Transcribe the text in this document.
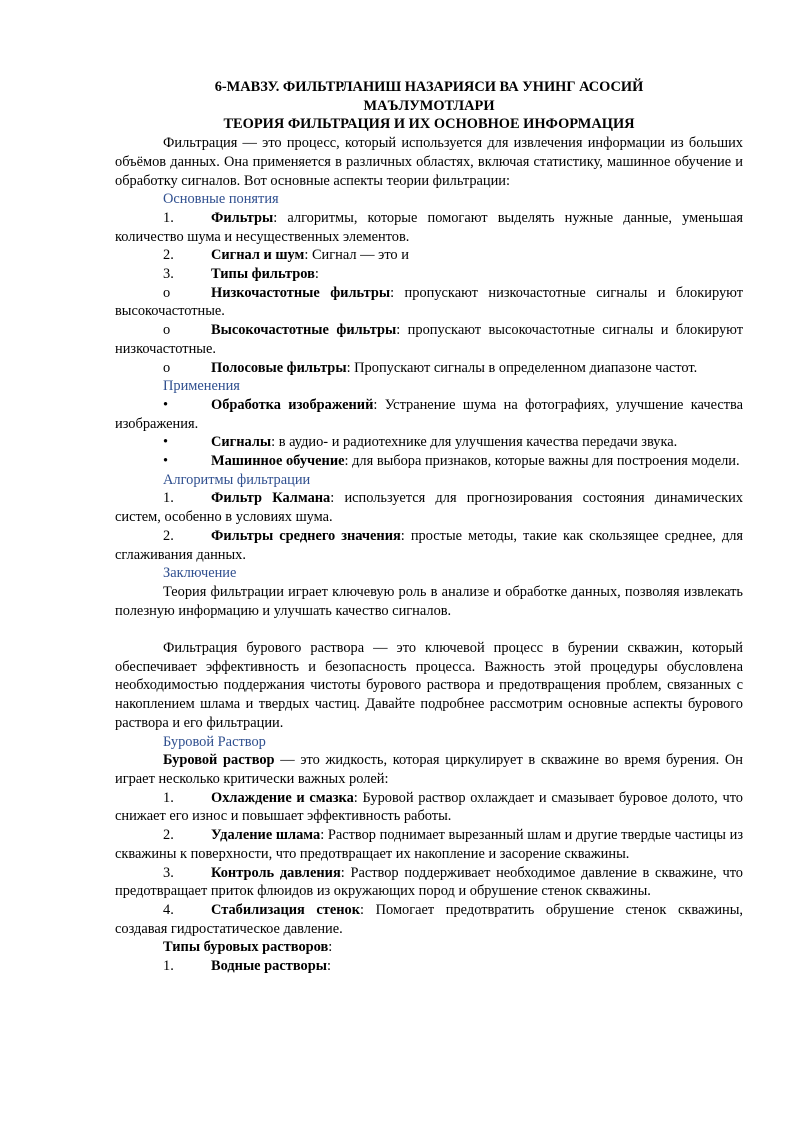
6-МАВЗУ. ФИЛЬТРЛАНИШ НАЗАРИЯСИ ВА УНИНГ АСОСИЙ

МАЪЛУМОТЛАРИ

ТЕОРИЯ ФИЛЬТРАЦИЯ И ИХ ОСНОВНОЕ ИНФОРМАЦИЯ

Фильтрация — это процесс, который используется для извлечения информации из больших объёмов данных. Она применяется в различных областях, включая статистику, машинное обучение и обработку сигналов. Вот основные аспекты теории фильтрации:

Основные понятия

1.	Фильтры: алгоритмы, которые помогают выделять нужные данные, уменьшая количество шума и несущественных элементов.

2.	Сигнал и шум: Сигнал — это и

3.	Типы фильтров:

o	Низкочастотные фильтры: пропускают низкочастотные сигналы и блокируют высокочастотные.

o	Высокочастотные фильтры: пропускают высокочастотные сигналы и блокируют низкочастотные.

o	Полосовые фильтры: Пропускают сигналы в определенном диапазоне частот.

Применения

•	Обработка изображений: Устранение шума на фотографиях, улучшение качества изображения.

•	Сигналы: в аудио- и радиотехнике для улучшения качества передачи звука.

•	Машинное обучение: для выбора признаков, которые важны для построения модели.

Алгоритмы фильтрации

1.	Фильтр Калмана: используется для прогнозирования состояния динамических систем, особенно в условиях шума.

2.	Фильтры среднего значения: простые методы, такие как скользящее среднее, для сглаживания данных.

Заключение

Теория фильтрации играет ключевую роль в анализе и обработке данных, позволяя извлекать полезную информацию и улучшать качество сигналов.

Фильтрация бурового раствора — это ключевой процесс в бурении скважин, который обеспечивает эффективность и безопасность процесса. Важность этой процедуры обусловлена необходимостью поддержания чистоты бурового раствора и предотвращения проблем, связанных с накоплением шлама и твердых частиц. Давайте подробнее рассмотрим основные аспекты бурового раствора и его фильтрации.

Буровой Раствор

Буровой раствор — это жидкость, которая циркулирует в скважине во время бурения. Он играет несколько критически важных ролей:

1.	Охлаждение и смазка: Буровой раствор охлаждает и смазывает буровое долото, что снижает его износ и повышает эффективность работы.

2.	Удаление шлама: Раствор поднимает вырезанный шлам и другие твердые частицы из скважины к поверхности, что предотвращает их накопление и засорение скважины.

3.	Контроль давления: Раствор поддерживает необходимое давление в скважине, что предотвращает приток флюидов из окружающих пород и обрушение стенок скважины.

4.	Стабилизация стенок: Помогает предотвратить обрушение стенок скважины, создавая гидростатическое давление.

Типы буровых растворов:

1.	Водные растворы:
